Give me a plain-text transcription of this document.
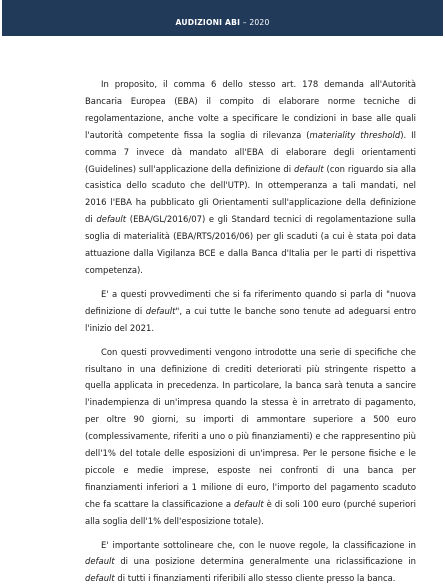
AUDIZIONI ABI – 2020

In proposito, il comma 6 dello stesso art. 178 demanda all'Autorità Bancaria Europea (EBA) il compito di elaborare norme tecniche di regolamentazione, anche volte a specificare le condizioni in base alle quali l'autorità competente fissa la soglia di rilevanza (materiality threshold). Il comma 7 invece dà mandato all'EBA di elaborare degli orientamenti (Guidelines) sull'applicazione della definizione di default (con riguardo sia alla casistica dello scaduto che dell'UTP). In ottemperanza a tali mandati, nel 2016 l'EBA ha pubblicato gli Orientamenti sull'applicazione della definizione di default (EBA/GL/2016/07) e gli Standard tecnici di regolamentazione sulla soglia di materialità (EBA/RTS/2016/06) per gli scaduti (a cui è stata poi data attuazione dalla Vigilanza BCE e dalla Banca d'Italia per le parti di rispettiva competenza).

E' a questi provvedimenti che si fa riferimento quando si parla di "nuova definizione di default", a cui tutte le banche sono tenute ad adeguarsi entro l'inizio del 2021.

Con questi provvedimenti vengono introdotte una serie di specifiche che risultano in una definizione di crediti deteriorati più stringente rispetto a quella applicata in precedenza. In particolare, la banca sarà tenuta a sancire l'inadempienza di un'impresa quando la stessa è in arretrato di pagamento, per oltre 90 giorni, su importi di ammontare superiore a 500 euro (complessivamente, riferiti a uno o più finanziamenti) e che rappresentino più dell'1% del totale delle esposizioni di un'impresa. Per le persone fisiche e le piccole e medie imprese, esposte nei confronti di una banca per finanziamenti inferiori a 1 milione di euro, l'importo del pagamento scaduto che fa scattare la classificazione a default è di soli 100 euro (purché superiori alla soglia dell'1% dell'esposizione totale).

E' importante sottolineare che, con le nuove regole, la classificazione in default di una posizione determina generalmente una riclassificazione in default di tutti i finanziamenti riferibili allo stesso cliente presso la banca.
